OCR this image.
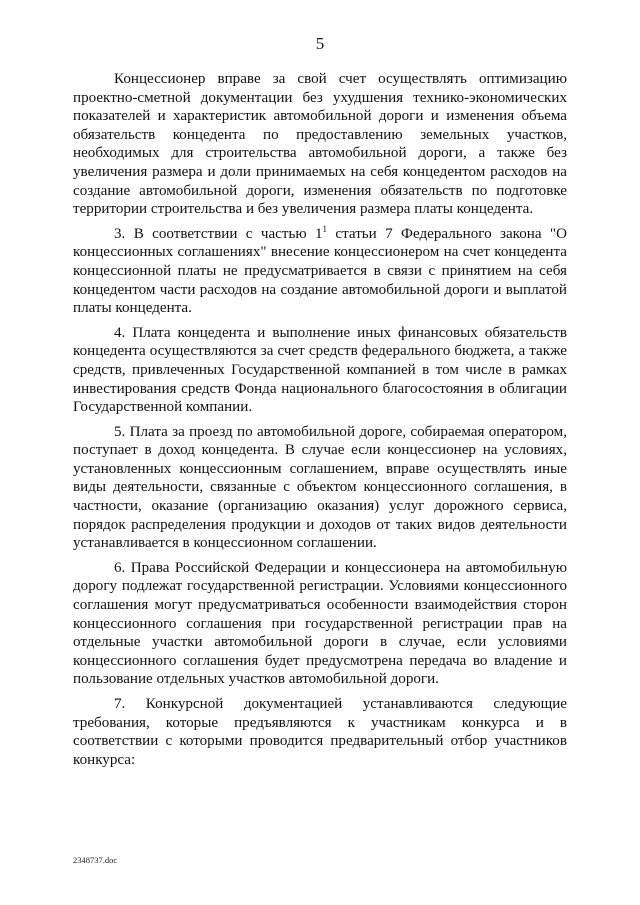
5

Концессионер вправе за свой счет осуществлять оптимизацию проектно-сметной документации без ухудшения технико-экономических показателей и характеристик автомобильной дороги и изменения объема обязательств концедента по предоставлению земельных участков, необходимых для строительства автомобильной дороги, а также без увеличения размера и доли принимаемых на себя концедентом расходов на создание автомобильной дороги, изменения обязательств по подготовке территории строительства и без увеличения размера платы концедента.

3. В соответствии с частью $1^1$ статьи 7 Федерального закона "О концессионных соглашениях" внесение концессионером на счет концедента концессионной платы не предусматривается в связи с принятием на себя концедентом части расходов на создание автомобильной дороги и выплатой платы концедента.

4. Плата концедента и выполнение иных финансовых обязательств концедента осуществляются за счет средств федерального бюджета, а также средств, привлеченных Государственной компанией в том числе в рамках инвестирования средств Фонда национального благосостояния в облигации Государственной компании.

5. Плата за проезд по автомобильной дороге, собираемая оператором, поступает в доход концедента. В случае если концессионер на условиях, установленных концессионным соглашением, вправе осуществлять иные виды деятельности, связанные с объектом концессионного соглашения, в частности, оказание (организацию оказания) услуг дорожного сервиса, порядок распределения продукции и доходов от таких видов деятельности устанавливается в концессионном соглашении.

6. Права Российской Федерации и концессионера на автомобильную дорогу подлежат государственной регистрации. Условиями концессионного соглашения могут предусматриваться особенности взаимодействия сторон концессионного соглашения при государственной регистрации прав на отдельные участки автомобильной дороги в случае, если условиями концессионного соглашения будет предусмотрена передача во владение и пользование отдельных участков автомобильной дороги.

7. Конкурсной документацией устанавливаются следующие требования, которые предъявляются к участникам конкурса и в соответствии с которыми проводится предварительный отбор участников конкурса:

2348737.doc
